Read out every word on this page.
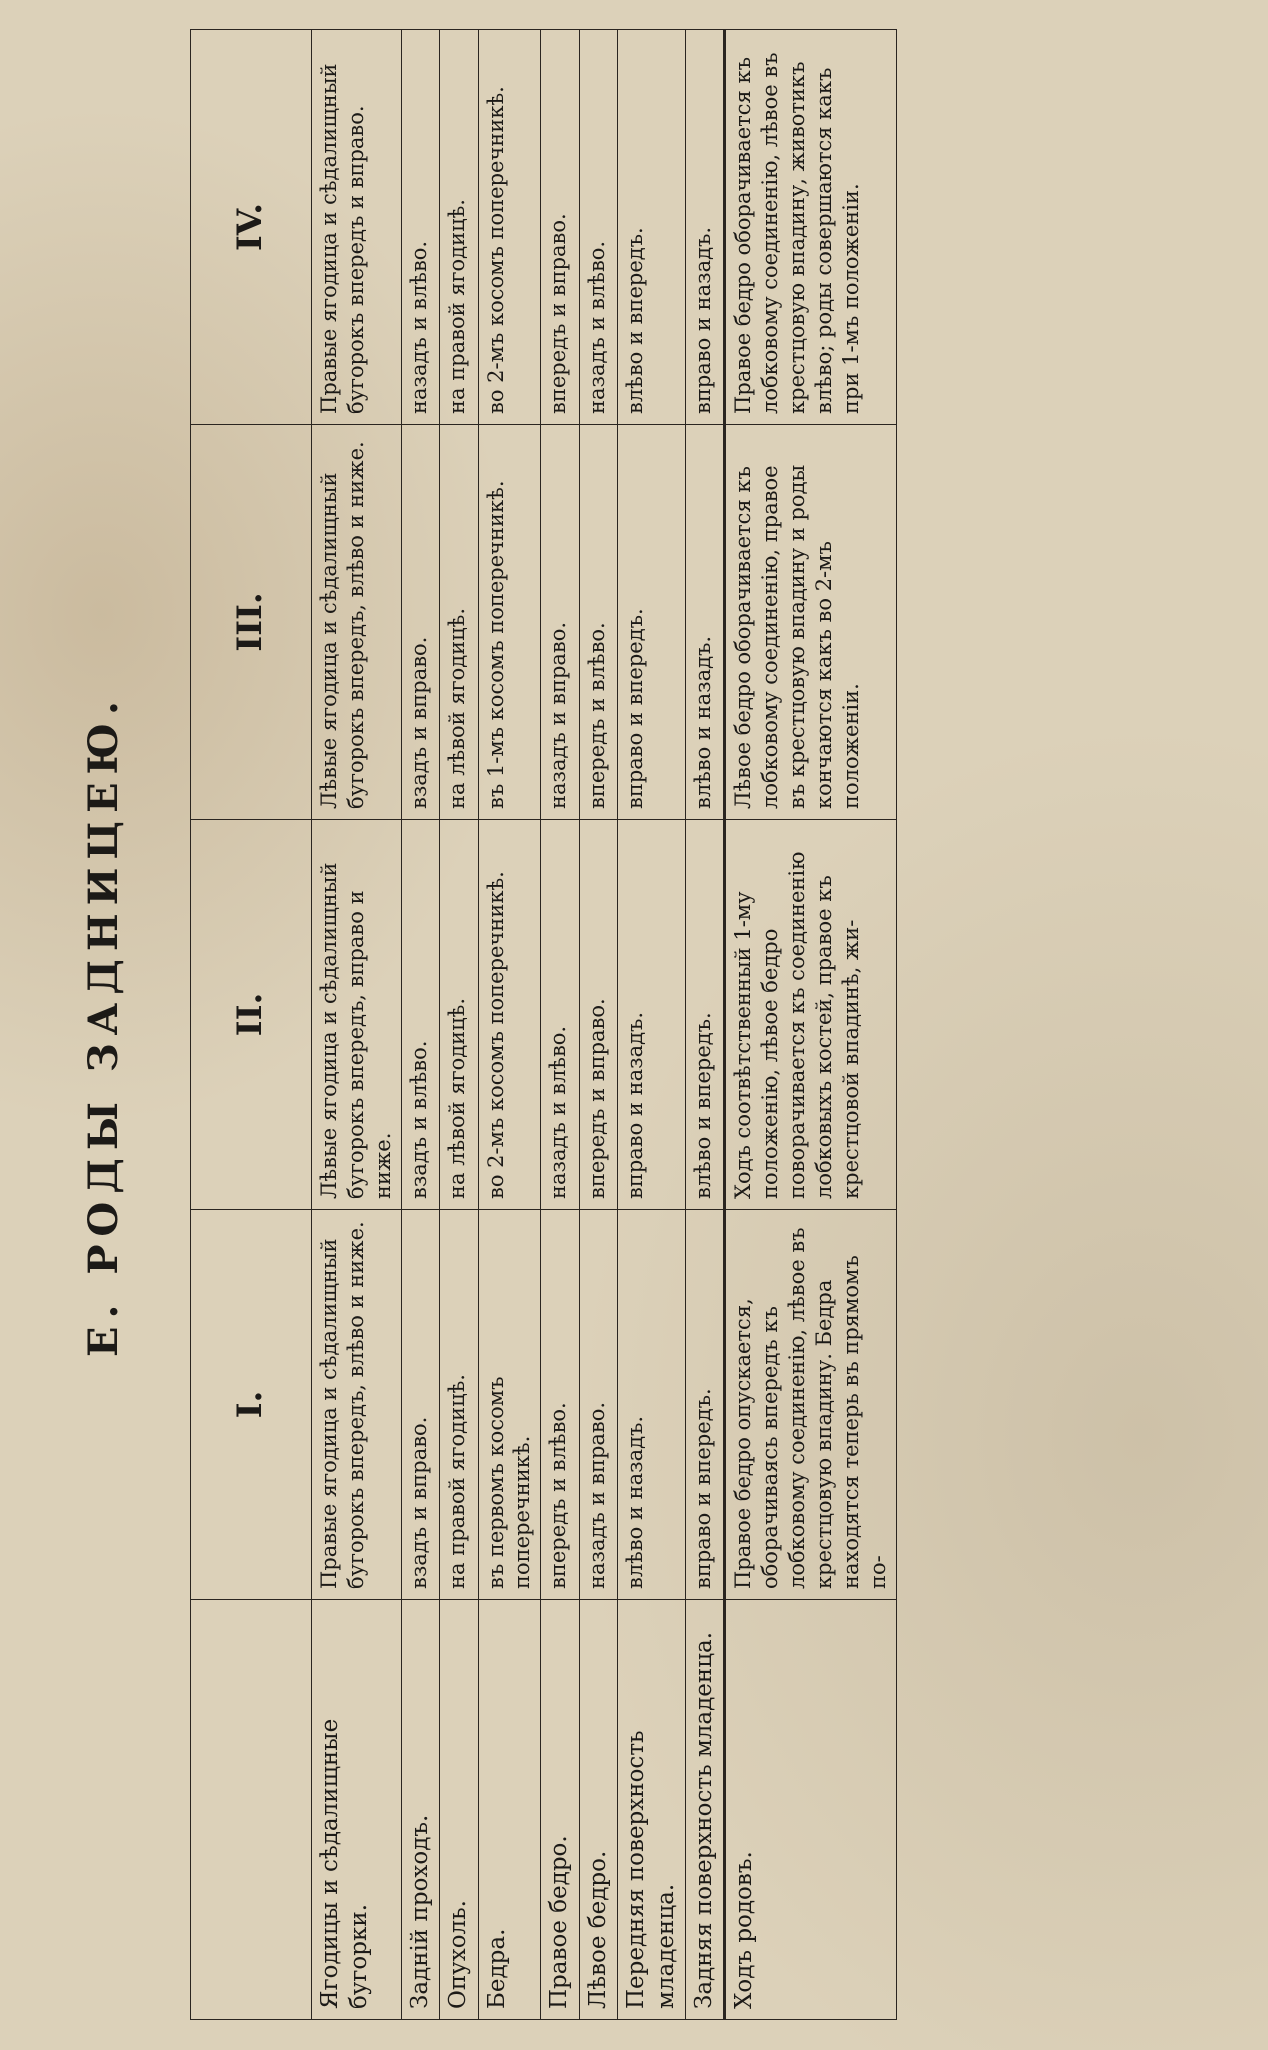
Е. РОДЫ ЗАДНИЦЕЮ.
	I.	II.	III.	IV.
Ягодицы и сѣдалищные бугорки.	Правые ягодица и сѣдалищный бугорокъ впередъ, влѣво и ниже.	Лѣвые ягодица и сѣдалищный бугорокъ впередъ, вправо и ниже.	Лѣвые ягодица и сѣдалищный бугорокъ впередъ, влѣво и ниже.	Правые ягодица и сѣдалищный бугорокъ впередъ и вправо.
Заднiй проходъ.	взадъ и вправо.	взадъ и влѣво.	взадъ и вправо.	назадъ и влѣво.
Опухоль.	на правой ягодицѣ.	на лѣвой ягодицѣ.	на лѣвой ягодицѣ.	на правой ягодицѣ.
Бедра.	въ первомъ косомъ поперечникѣ.	во 2-мъ косомъ поперечникѣ.	въ 1-мъ косомъ поперечникѣ.	во 2-мъ косомъ поперечникѣ.
Правое бедро.	впередъ и влѣво.	назадъ и влѣво.	назадъ и вправо.	впередъ и вправо.
Лѣвое бедро.	назадъ и вправо.	впередъ и вправо.	впередъ и влѣво.	назадъ и влѣво.
Передняя поверхность младенца.	влѣво и назадъ.	вправо и назадъ.	вправо и впередъ.	влѣво и впередъ.
Задняя поверхность младенца.	вправо и впередъ.	влѣво и впередъ.	влѣво и назадъ.	вправо и назадъ.
Ходъ родовъ.	Правое бедро опускается, оборачиваясь впередъ къ лобковому соединенiю, лѣвое въ крестцовую впадину. Бедра находятся теперь въ прямомъ по-	Ходъ соотвѣтственный 1-му положенiю, лѣвое бедро поворачивается къ соединенiю лобковыхъ костей, правое къ крестцовой впадинѣ, жи-	Лѣвое бедро оборачивается къ лобковому соединенiю, правое въ крестцовую впадину и роды кончаются какъ во 2-мъ положенiи.	Правое бедро оборачивается къ лобковому соединенiю, лѣвое въ крестцовую впадину, животикъ влѣво; роды совершаются какъ при 1-мъ положенiи.
